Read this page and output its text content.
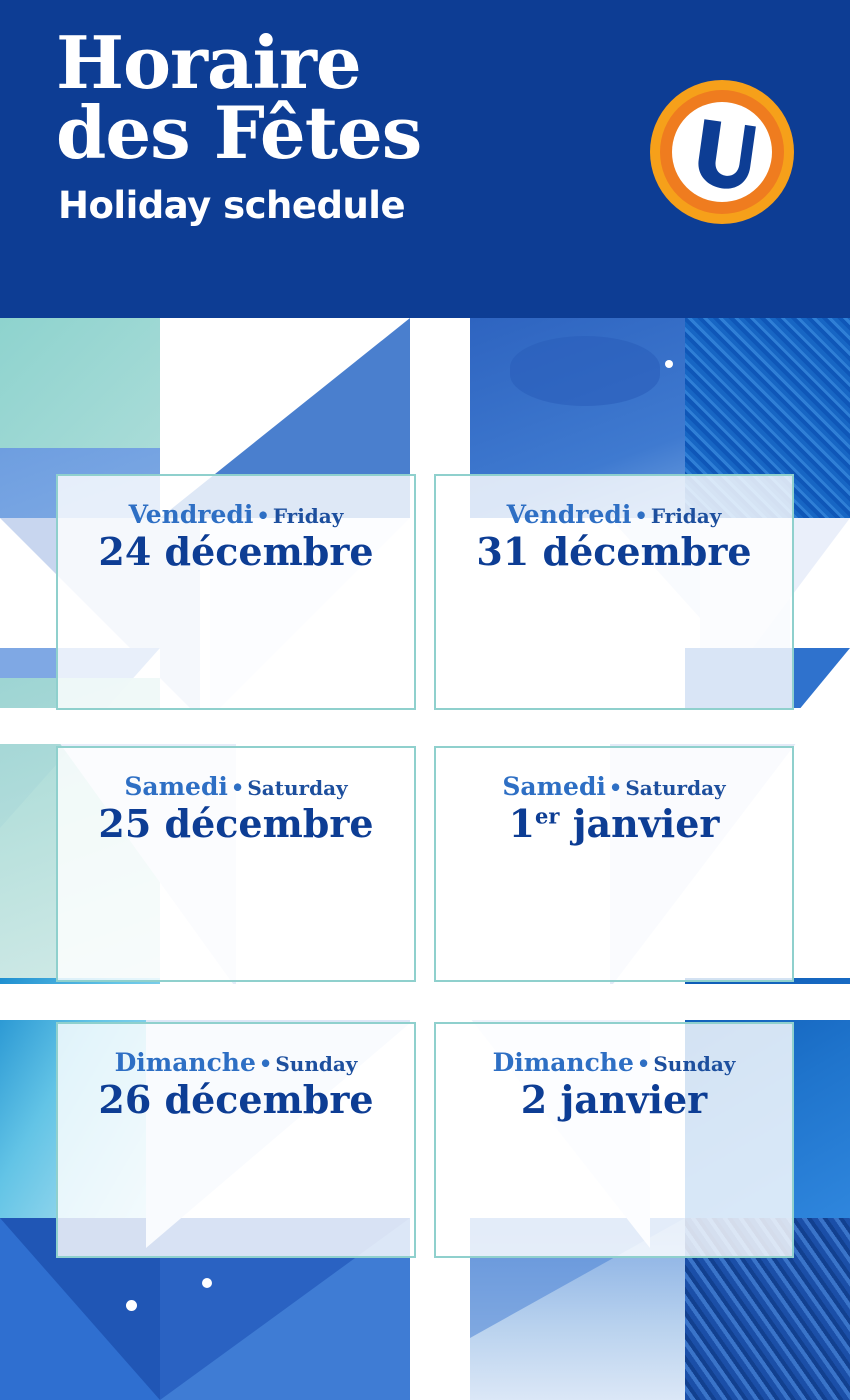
Horaire
des Fêtes
Holiday schedule
Vendredi • Friday
24 décembre
Vendredi • Friday
31 décembre
Samedi • Saturday
25 décembre
Samedi • Saturday
1er janvier
Dimanche • Sunday
26 décembre
Dimanche • Sunday
2 janvier
